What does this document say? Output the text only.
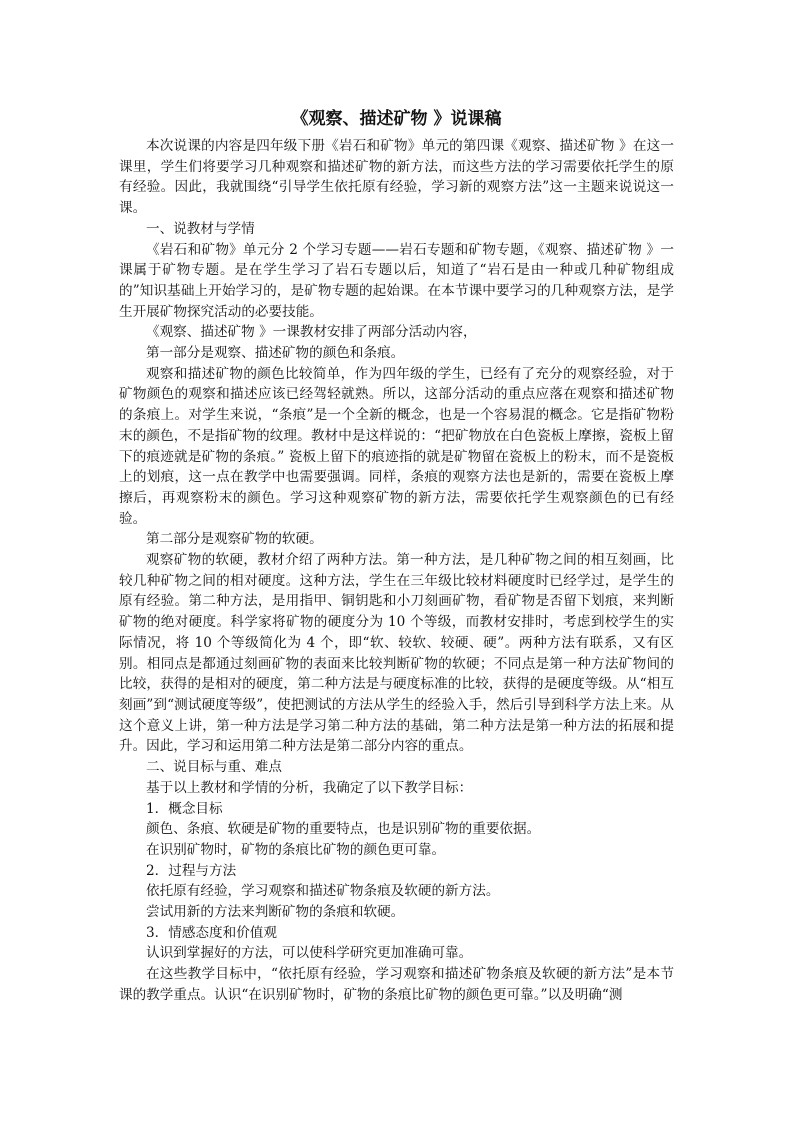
《观察、描述矿物 》说课稿

本次说课的内容是四年级下册《岩石和矿物》单元的第四课《观察、描述矿物 》在这一课里，学生们将要学习几种观察和描述矿物的新方法，而这些方法的学习需要依托学生的原有经验。因此，我就围绕“引导学生依托原有经验，学习新的观察方法”这一主题来说说这一课。

一、说教材与学情

《岩石和矿物》单元分 2 个学习专题——岩石专题和矿物专题，《观察、描述矿物 》一课属于矿物专题。是在学生学习了岩石专题以后，知道了“岩石是由一种或几种矿物组成的”知识基础上开始学习的，是矿物专题的起始课。在本节课中要学习的几种观察方法，是学生开展矿物探究活动的必要技能。

《观察、描述矿物 》一课教材安排了两部分活动内容，

第一部分是观察、描述矿物的颜色和条痕。

观察和描述矿物的颜色比较简单，作为四年级的学生，已经有了充分的观察经验，对于矿物颜色的观察和描述应该已经驾轻就熟。所以，这部分活动的重点应落在观察和描述矿物的条痕上。对学生来说，“条痕”是一个全新的概念，也是一个容易混的概念。它是指矿物粉末的颜色，不是指矿物的纹理。教材中是这样说的：“把矿物放在白色瓷板上摩擦，瓷板上留下的痕迹就是矿物的条痕。” 瓷板上留下的痕迹指的就是矿物留在瓷板上的粉末，而不是瓷板上的划痕，这一点在教学中也需要强调。同样，条痕的观察方法也是新的，需要在瓷板上摩擦后，再观察粉末的颜色。学习这种观察矿物的新方法，需要依托学生观察颜色的已有经验。

第二部分是观察矿物的软硬。

观察矿物的软硬，教材介绍了两种方法。第一种方法，是几种矿物之间的相互刻画，比较几种矿物之间的相对硬度。这种方法，学生在三年级比较材料硬度时已经学过，是学生的原有经验。第二种方法，是用指甲、铜钥匙和小刀刻画矿物，看矿物是否留下划痕，来判断矿物的绝对硬度。科学家将矿物的硬度分为 10 个等级，而教材安排时，考虑到校学生的实际情况，将 10 个等级简化为 4 个，即“软、较软、较硬、硬”。两种方法有联系，又有区别。相同点是都通过刻画矿物的表面来比较判断矿物的软硬；不同点是第一种方法矿物间的比较，获得的是相对的硬度，第二种方法是与硬度标准的比较，获得的是硬度等级。从“相互刻画”到“测试硬度等级”，使把测试的方法从学生的经验入手，然后引导到科学方法上来。从这个意义上讲，第一种方法是学习第二种方法的基础，第二种方法是第一种方法的拓展和提升。因此，学习和运用第二种方法是第二部分内容的重点。

二、说目标与重、难点

基于以上教材和学情的分析，我确定了以下教学目标：

1．概念目标

颜色、条痕、软硬是矿物的重要特点，也是识别矿物的重要依据。

在识别矿物时，矿物的条痕比矿物的颜色更可靠。

2．过程与方法

依托原有经验，学习观察和描述矿物条痕及软硬的新方法。

尝试用新的方法来判断矿物的条痕和软硬。

3．情感态度和价值观

认识到掌握好的方法，可以使科学研究更加准确可靠。

在这些教学目标中，“依托原有经验，学习观察和描述矿物条痕及软硬的新方法”是本节课的教学重点。认识“在识别矿物时，矿物的条痕比矿物的颜色更可靠。”以及明确“测
